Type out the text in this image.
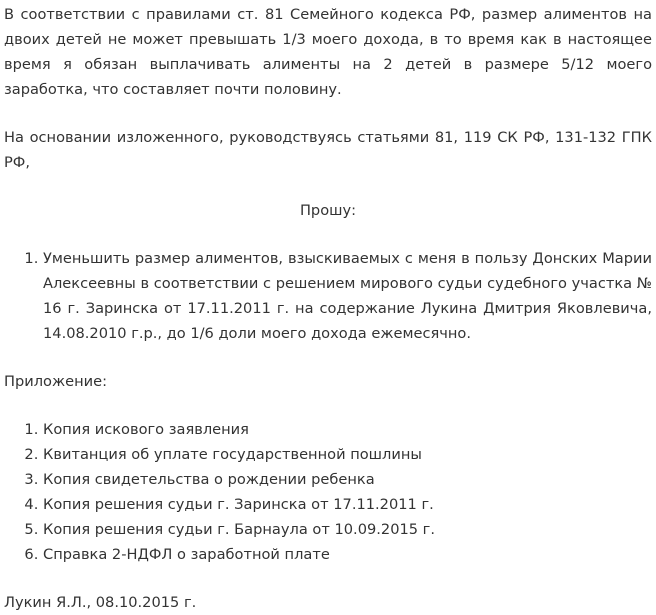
В соответствии с правилами ст. 81 Семейного кодекса РФ, размер алиментов на двоих детей не может превышать 1/3 моего дохода, в то время как в настоящее время я обязан выплачивать алименты на 2 детей в размере 5/12 моего заработка, что составляет почти половину.

На основании изложенного, руководствуясь статьями 81, 119 СК РФ, 131-132 ГПК РФ,

Прошу:

1. Уменьшить размер алиментов, взыскиваемых с меня в пользу Донских Марии Алексеевны в соответствии с решением мирового судьи судебного участка № 16 г. Заринска от 17.11.2011 г. на содержание Лукина Дмитрия Яковлевича, 14.08.2010 г.р., до 1/6 доли моего дохода ежемесячно.

Приложение:

1. Копия искового заявления
2. Квитанция об уплате государственной пошлины
3. Копия свидетельства о рождении ребенка
4. Копия решения судьи г. Заринска от 17.11.2011 г.
5. Копия решения судьи г. Барнаула от 10.09.2015 г.
6. Справка 2-НДФЛ о заработной плате

Лукин Я.Л., 08.10.2015 г.
